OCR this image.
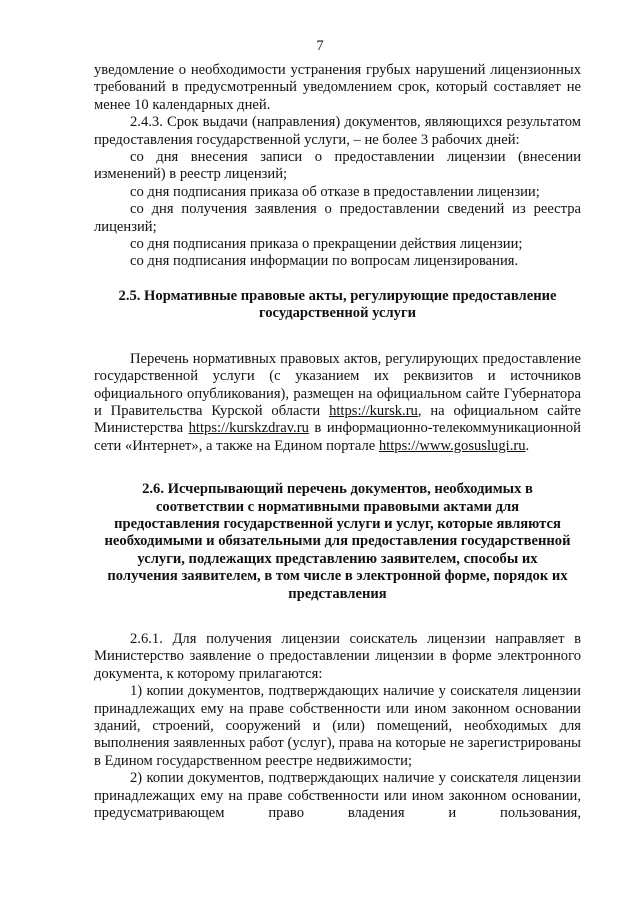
7

уведомление о необходимости устранения грубых нарушений лицензионных требований в предусмотренный уведомлением срок, который составляет не менее 10 календарных дней.

2.4.3. Срок выдачи (направления) документов, являющихся результатом предоставления государственной услуги, – не более 3 рабочих дней:

со дня внесения записи о предоставлении лицензии (внесении изменений) в реестр лицензий;

со дня подписания приказа об отказе в предоставлении лицензии;

со дня получения заявления о предоставлении сведений из реестра лицензий;

со дня подписания приказа о прекращении действия лицензии;

со дня подписания информации по вопросам лицензирования.

2.5. Нормативные правовые акты, регулирующие предоставление
государственной услуги

Перечень нормативных правовых актов, регулирующих предоставление государственной услуги (с указанием их реквизитов и источников официального опубликования), размещен на официальном сайте Губернатора и Правительства Курской области https://kursk.ru, на официальном сайте Министерства https://kurskzdrav.ru в информационно-телекоммуникационной сети «Интернет», а также на Едином портале https://www.gosuslugi.ru.

2.6. Исчерпывающий перечень документов, необходимых в
соответствии с нормативными правовыми актами для
предоставления государственной услуги и услуг, которые являются
необходимыми и обязательными для предоставления государственной
услуги, подлежащих представлению заявителем, способы их
получения заявителем, в том числе в электронной форме, порядок их
представления

2.6.1. Для получения лицензии соискатель лицензии направляет в Министерство заявление о предоставлении лицензии в форме электронного документа, к которому прилагаются:

1) копии документов, подтверждающих наличие у соискателя лицензии принадлежащих ему на праве собственности или ином законном основании зданий, строений, сооружений и (или) помещений, необходимых для выполнения заявленных работ (услуг), права на которые не зарегистрированы в Едином государственном реестре недвижимости;

2) копии документов, подтверждающих наличие у соискателя лицензии принадлежащих ему на праве собственности или ином законном основании, предусматривающем право владения и пользования,
